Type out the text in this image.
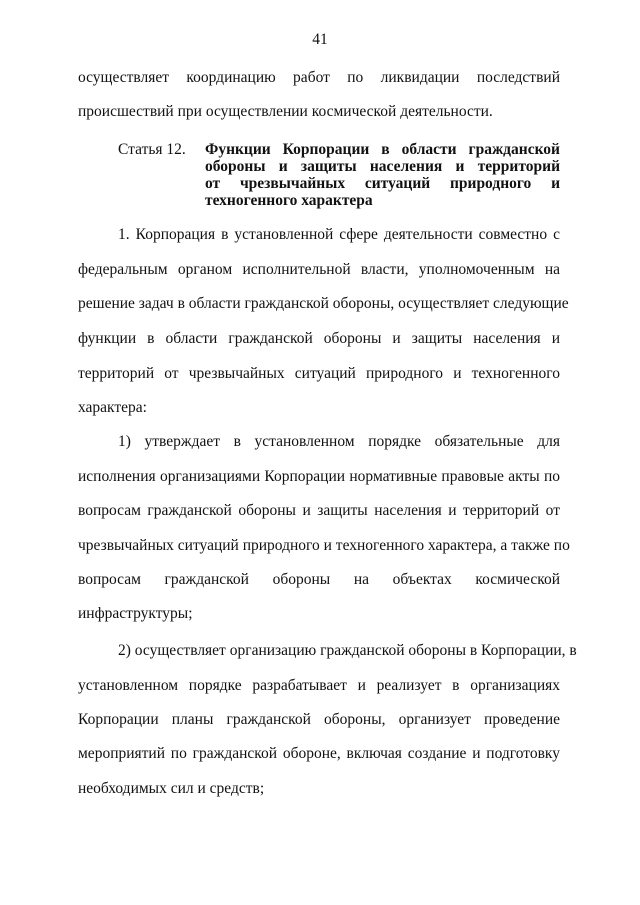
41
осуществляет координацию работ по ликвидации последствий
происшествий при осуществлении космической деятельности.
Статья 12. Функции Корпорации в области гражданской
обороны и защиты населения и территорий
от чрезвычайных ситуаций природного и
техногенного характера
1. Корпорация в установленной сфере деятельности совместно с
федеральным органом исполнительной власти, уполномоченным на
решение задач в области гражданской обороны, осуществляет следующие
функции в области гражданской обороны и защиты населения и
территорий от чрезвычайных ситуаций природного и техногенного
характера:
1) утверждает в установленном порядке обязательные для
исполнения организациями Корпорации нормативные правовые акты по
вопросам гражданской обороны и защиты населения и территорий от
чрезвычайных ситуаций природного и техногенного характера, а также по
вопросам гражданской обороны на объектах космической
инфраструктуры;
2) осуществляет организацию гражданской обороны в Корпорации, в
установленном порядке разрабатывает и реализует в организациях
Корпорации планы гражданской обороны, организует проведение
мероприятий по гражданской обороне, включая создание и подготовку
необходимых сил и средств;
